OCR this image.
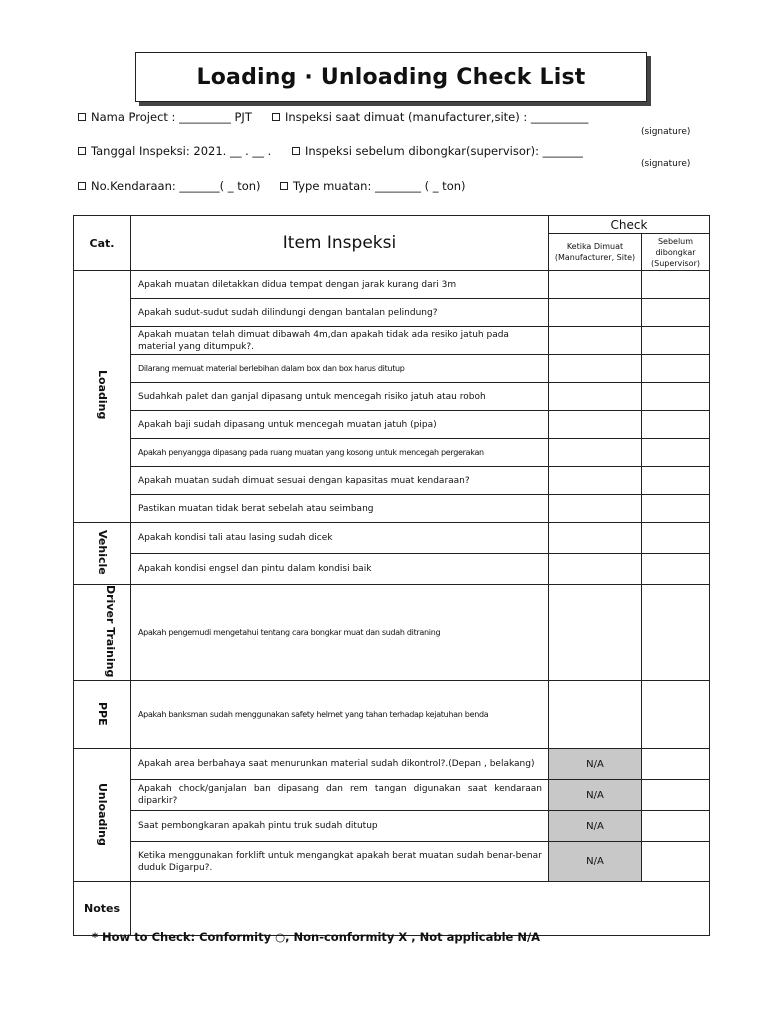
Loading · Unloading Check List
Nama Project : _________ PJT	Inspeksi saat dimuat (manufacturer,site) : __________
(signature)
Tanggal Inspeksi: 2021. __ . __ .	Inspeksi sebelum dibongkar(supervisor): _______
(signature)
No.Kendaraan: _______( _ ton)	Type muatan: ________ ( _ ton)
Cat.	Item Inspeksi	Check	
		Ketika Dimuat (Manufacturer, Site)	Sebelum dibongkar (Supervisor)
Loading	Apakah muatan diletakkan didua tempat dengan jarak kurang dari 3m		
	Apakah sudut-sudut sudah dilindungi dengan bantalan pelindung?		
	Apakah muatan telah dimuat dibawah 4m,dan apakah tidak ada resiko jatuh pada material yang ditumpuk?.		
	Dilarang memuat material berlebihan dalam box dan box harus ditutup		
	Sudahkah palet dan ganjal dipasang untuk mencegah risiko jatuh atau roboh		
	Apakah baji sudah dipasang untuk mencegah muatan jatuh (pipa)		
	Apakah penyangga dipasang pada ruang muatan yang kosong untuk mencegah pergerakan		
	Apakah muatan sudah dimuat sesuai dengan kapasitas muat kendaraan?		
	Pastikan muatan tidak berat sebelah atau seimbang		
Vehicle	Apakah kondisi tali atau lasing sudah dicek		
	Apakah kondisi engsel dan pintu dalam kondisi baik		
Driver Training	Apakah pengemudi mengetahui tentang cara bongkar muat dan sudah ditraning		
PPE	Apakah banksman sudah menggunakan safety helmet yang tahan terhadap kejatuhan benda		
Unloading	Apakah area berbahaya saat menurunkan material sudah dikontrol?.(Depan , belakang)	N/A	
	Apakah chock/ganjalan ban dipasang dan rem tangan digunakan saat kendaraan diparkir?	N/A	
	Saat pembongkaran apakah pintu truk sudah ditutup	N/A	
	Ketika menggunakan forklift untuk mengangkat apakah berat muatan sudah benar-benar duduk Digarpu?.	N/A	
Notes			
* How to Check: Conformity ○, Non-conformity X , Not applicable N/A
